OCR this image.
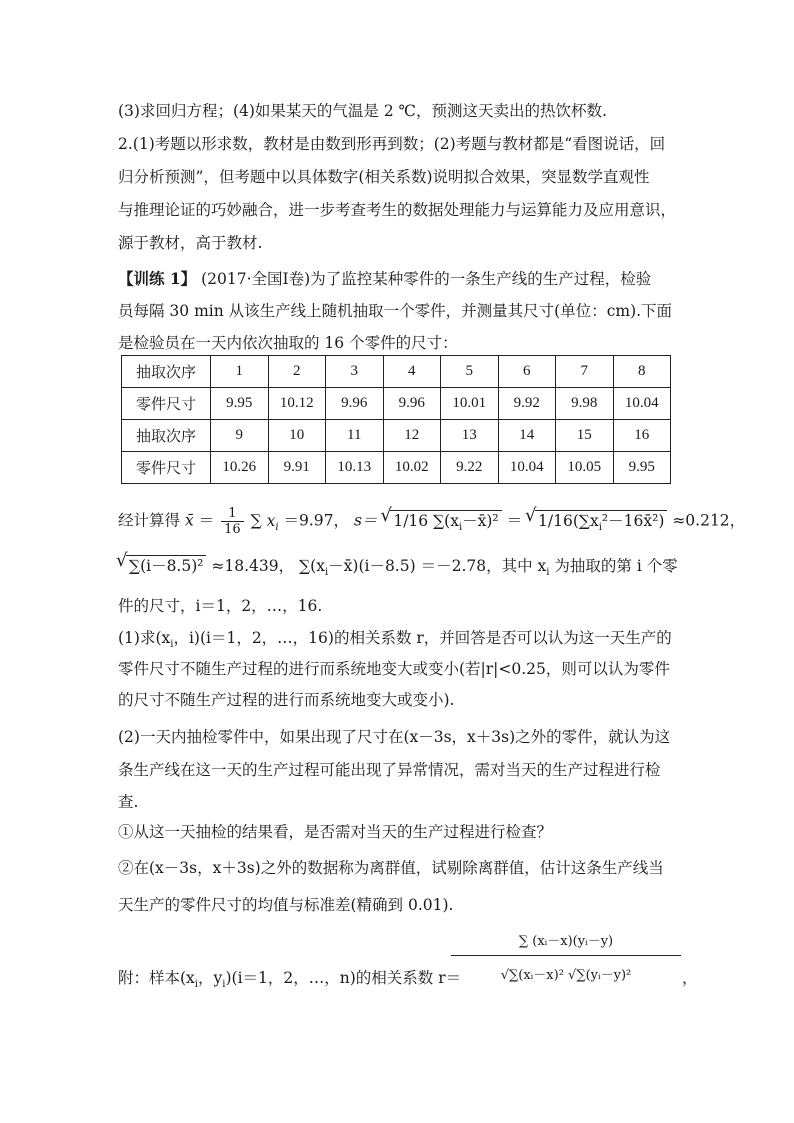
(3)求回归方程；(4)如果某天的气温是 2 ℃，预测这天卖出的热饮杯数.
2.(1)考题以形求数，教材是由数到形再到数；(2)考题与教材都是“看图说话，回
归分析预测”，但考题中以具体数字(相关系数)说明拟合效果，突显数学直观性
与推理论证的巧妙融合，进一步考查考生的数据处理能力与运算能力及应用意识，
源于教材，高于教材.
【训练 1】 (2017·全国Ⅰ卷)为了监控某种零件的一条生产线的生产过程，检验
员每隔 30 min 从该生产线上随机抽取一个零件，并测量其尺寸(单位：cm).下面
是检验员在一天内依次抽取的 16 个零件的尺寸：
抽取次序	1	2	3	4	5	6	7	8
零件尺寸	9.95	10.12	9.96	9.96	10.01	9.92	9.98	10.04
抽取次序	9	10	11	12	13	14	15	16
零件尺寸	10.26	9.91	10.13	10.02	9.22	10.04	10.05	9.95
经计算得 x̄ ＝ $\frac{1}{16}$ ∑ $x_i =9.97$， s＝ √ 1/16 $\sum(x_i-x̄)^2$ ＝ √ $1/16(\sum x_i^2-16x̄^2) \approx 0.212$，
√ ∑(i－8.5)² ≈18.439， $\sum(x_i-x̄)(i-8.5) =-2.78$，其中 $x_i$ 为抽取的第 i 个零
件的尺寸，i＝1，2，…，16.
(1)求($x_i$，i)(i＝1，2，…，16)的相关系数 r，并回答是否可以认为这一天生产的
零件尺寸不随生产过程的进行而系统地变大或变小(若|r|<0.25，则可以认为零件
的尺寸不随生产过程的进行而系统地变大或变小).
(2)一天内抽检零件中，如果出现了尺寸在(x－3s，x＋3s)之外的零件，就认为这
条生产线在这一天的生产过程可能出现了异常情况，需对当天的生产过程进行检
查.
①从这一天抽检的结果看，是否需对当天的生产过程进行检查？
②在(x－3s，x＋3s)之外的数据称为离群值，试剔除离群值，估计这条生产线当
天生产的零件尺寸的均值与标准差(精确到 0.01).
附：样本($x_i$，$y_i)(i=1$，2，…，n)的相关系数 r＝
$\frac{\text{∑ (xᵢ－x)(yᵢ－y)}}{\text{√∑(xᵢ－x)² √∑(yᵢ－y)²}}$ ，
